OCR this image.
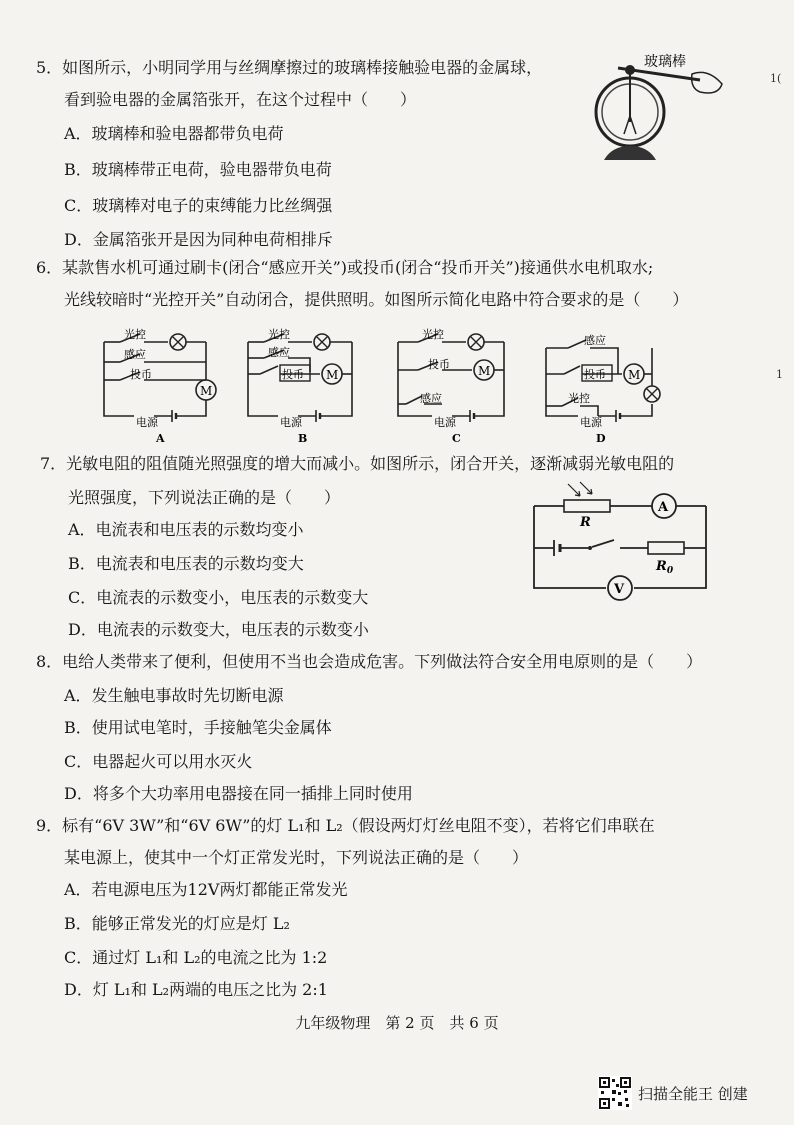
5．如图所示，小明同学用与丝绸摩擦过的玻璃棒接触验电器的金属球，
看到验电器的金属箔张开，在这个过程中（　　）
A．玻璃棒和验电器都带负电荷
B．玻璃棒带正电荷，验电器带负电荷
C．玻璃棒对电子的束缚能力比丝绸强
D．金属箔张开是因为同种电荷相排斥
玻璃棒
6．某款售水机可通过刷卡(闭合“感应开关”)或投币(闭合“投币开关”)接通供水电机取水;
光线较暗时“光控开关”自动闭合，提供照明。如图所示简化电路中符合要求的是（　　）
M
光控
感应
投币
电源
A
光控
感应
投币 M
电源
B
光控
投币 M
感应
电源
C
感应
投币 M
光控
电源
D
7．光敏电阻的阻值随光照强度的增大而减小。如图所示，闭合开关，逐渐减弱光敏电阻的
光照强度，下列说法正确的是（　　）
A．电流表和电压表的示数均变小
B．电流表和电压表的示数均变大
C．电流表的示数变小，电压表的示数变大
D．电流表的示数变大，电压表的示数变小
V
R
A
$R_0$
8．电给人类带来了便利，但使用不当也会造成危害。下列做法符合安全用电原则的是（　　）
A．发生触电事故时先切断电源
B．使用试电笔时，手接触笔尖金属体
C．电器起火可以用水灭火
D．将多个大功率用电器接在同一插排上同时使用
9．标有“6V 3W”和“6V 6W”的灯 L₁和 L₂（假设两灯灯丝电阻不变），若将它们串联在
某电源上，使其中一个灯正常发光时，下列说法正确的是（　　）
A．若电源电压为12V两灯都能正常发光
B．能够正常发光的灯应是灯 L₂
C．通过灯 L₁和 L₂的电流之比为 1:2
D．灯 L₁和 L₂两端的电压之比为 2:1
九年级物理　第 2 页　共 6 页
1(
1
扫描全能王 创建
